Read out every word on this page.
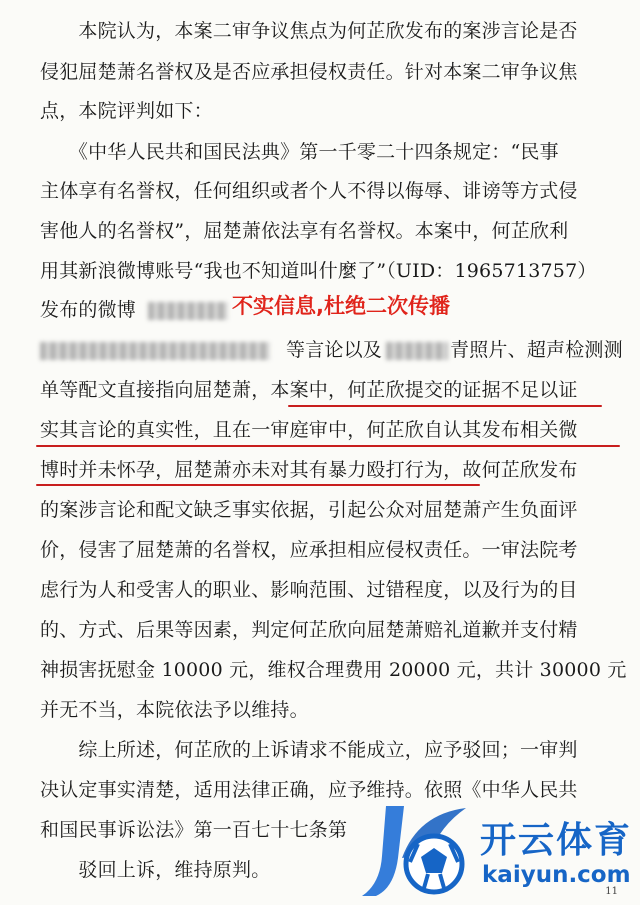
　　本院认为，本案二审争议焦点为何芷欣发布的案涉言论是否
侵犯屈楚萧名誉权及是否应承担侵权责任。针对本案二审争议焦
点，本院评判如下：
　　《中华人民共和国民法典》第一千零二十四条规定：“民事
主体享有名誉权，任何组织或者个人不得以侮辱、诽谤等方式侵
害他人的名誉权”，屈楚萧依法享有名誉权。本案中，何芷欣利
用其新浪微博账号“我也不知道叫什麼了”（UID：1965713757）
发布的微博
等言论以及	青照片、超声检测测
单等配文直接指向屈楚萧，本案中，何芷欣提交的证据不足以证
实其言论的真实性，且在一审庭审中，何芷欣自认其发布相关微
博时并未怀孕，屈楚萧亦未对其有暴力殴打行为，故何芷欣发布
的案涉言论和配文缺乏事实依据，引起公众对屈楚萧产生负面评
价，侵害了屈楚萧的名誉权，应承担相应侵权责任。一审法院考
虑行为人和受害人的职业、影响范围、过错程度，以及行为的目
的、方式、后果等因素，判定何芷欣向屈楚萧赔礼道歉并支付精
神损害抚慰金 10000 元，维权合理费用 20000 元，共计 30000 元
并无不当，本院依法予以维持。
　　综上所述，何芷欣的上诉请求不能成立，应予驳回；一审判
决认定事实清楚，适用法律正确，应予维持。依照《中华人民共
和国民事诉讼法》第一百七十七条第
　　驳回上诉，维持原判。
不实信息,杜绝二次传播
11
开云体育
kaiyun.com
